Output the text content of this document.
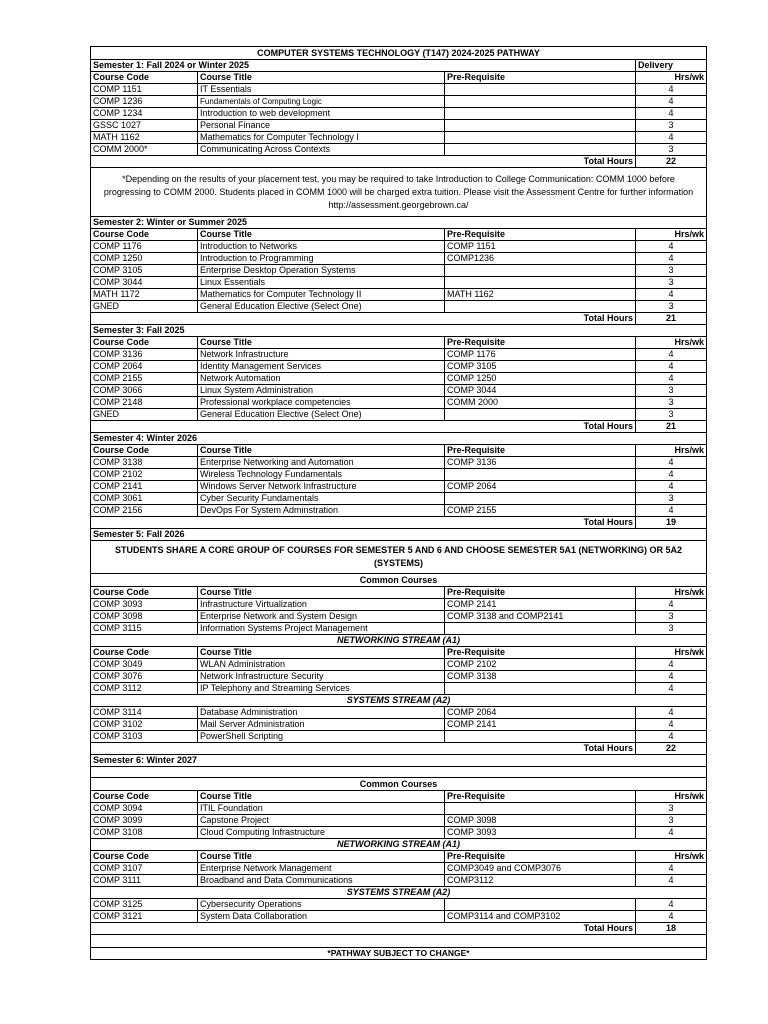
COMPUTER SYSTEMS TECHNOLOGY (T147) 2024-2025 PATHWAY			
Semester 1: Fall 2024 or Winter 2025			Delivery
Course Code	Course Title	Pre-Requisite	Hrs/wk
COMP 1151	IT Essentials		4
COMP 1236	Fundamentals of Computing Logic		4
COMP 1234	Introduction to web development		4
GSSC 1027	Personal Finance		3
MATH 1162	Mathematics for Computer Technology I		4
COMM 2000*	Communicating Across Contexts		3
Total Hours			22
*Depending on the results of your placement test, you may be required to take Introduction to College Communication: COMM 1000 before progressing to COMM 2000. Students placed in COMM 1000 will be charged extra tuition. Please visit the Assessment Centre for further information http://assessment.georgebrown.ca/			
Semester 2: Winter or Summer 2025			
Course Code	Course Title	Pre-Requisite	Hrs/wk
COMP 1176	Introduction to Networks	COMP 1151	4
COMP 1250	Introduction to Programming	COMP1236	4
COMP 3105	Enterprise Desktop Operation Systems		3
COMP 3044	Linux Essentials		3
MATH 1172	Mathematics for Computer Technology II	MATH 1162	4
GNED	General Education Elective (Select One)		3
Total Hours			21
Semester 3: Fall 2025			
Course Code	Course Title	Pre-Requisite	Hrs/wk
COMP 3136	Network Infrastructure	COMP 1176	4
COMP 2064	Identity Management Services	COMP 3105	4
COMP 2155	Network Automation	COMP 1250	4
COMP 3066	Linux System Administration	COMP 3044	3
COMP 2148	Professional workplace competencies	COMM 2000	3
GNED	General Education Elective (Select One)		3
Total Hours			21
Semester 4: Winter 2026			
Course Code	Course Title	Pre-Requisite	Hrs/wk
COMP 3138	Enterprise Networking and Automation	COMP 3136	4
COMP 2102	Wireless Technology Fundamentals		4
COMP 2141	Windows Server Network Infrastructure	COMP 2064	4
COMP 3061	Cyber Security Fundamentals		3
COMP 2156	DevOps For System Adminstration	COMP 2155	4
Total Hours			19
Semester 5: Fall 2026			
STUDENTS SHARE A CORE GROUP OF COURSES FOR SEMESTER 5 AND 6 AND CHOOSE SEMESTER 5A1 (NETWORKING) OR 5A2 (SYSTEMS)			
Common Courses			
Course Code	Course Title	Pre-Requisite	Hrs/wk
COMP 3093	Infrastructure Virtualization	COMP 2141	4
COMP 3098	Enterprise Network and System Design	COMP 3138 and COMP2141	3
COMP 3115	Information Systems Project Management		3
NETWORKING STREAM (A1)			
Course Code	Course Title	Pre-Requisite	Hrs/wk
COMP 3049	WLAN Administration	COMP 2102	4
COMP 3076	Network Infrastructure Security	COMP 3138	4
COMP 3112	IP Telephony and Streaming Services		4
SYSTEMS STREAM (A2)			
COMP 3114	Database Administration	COMP 2064	4
COMP 3102	Mail Server Administration	COMP 2141	4
COMP 3103	PowerShell Scripting		4
Total Hours			22
Semester 6: Winter 2027			

Common Courses			
Course Code	Course Title	Pre-Requisite	Hrs/wk
COMP 3094	ITIL Foundation		3
COMP 3099	Capstone Project	COMP 3098	3
COMP 3108	Cloud Computing Infrastructure	COMP 3093	4
NETWORKING STREAM (A1)			
Course Code	Course Title	Pre-Requisite	Hrs/wk
COMP 3107	Enterprise Network Management	COMP3049 and COMP3076	4
COMP 3111	Broadband and Data Communications	COMP3112	4
SYSTEMS STREAM (A2)			
COMP 3125	Cybersecurity Operations		4
COMP 3121	System Data Collaboration	COMP3114 and COMP3102	4
Total Hours			18

*PATHWAY SUBJECT TO CHANGE*			
